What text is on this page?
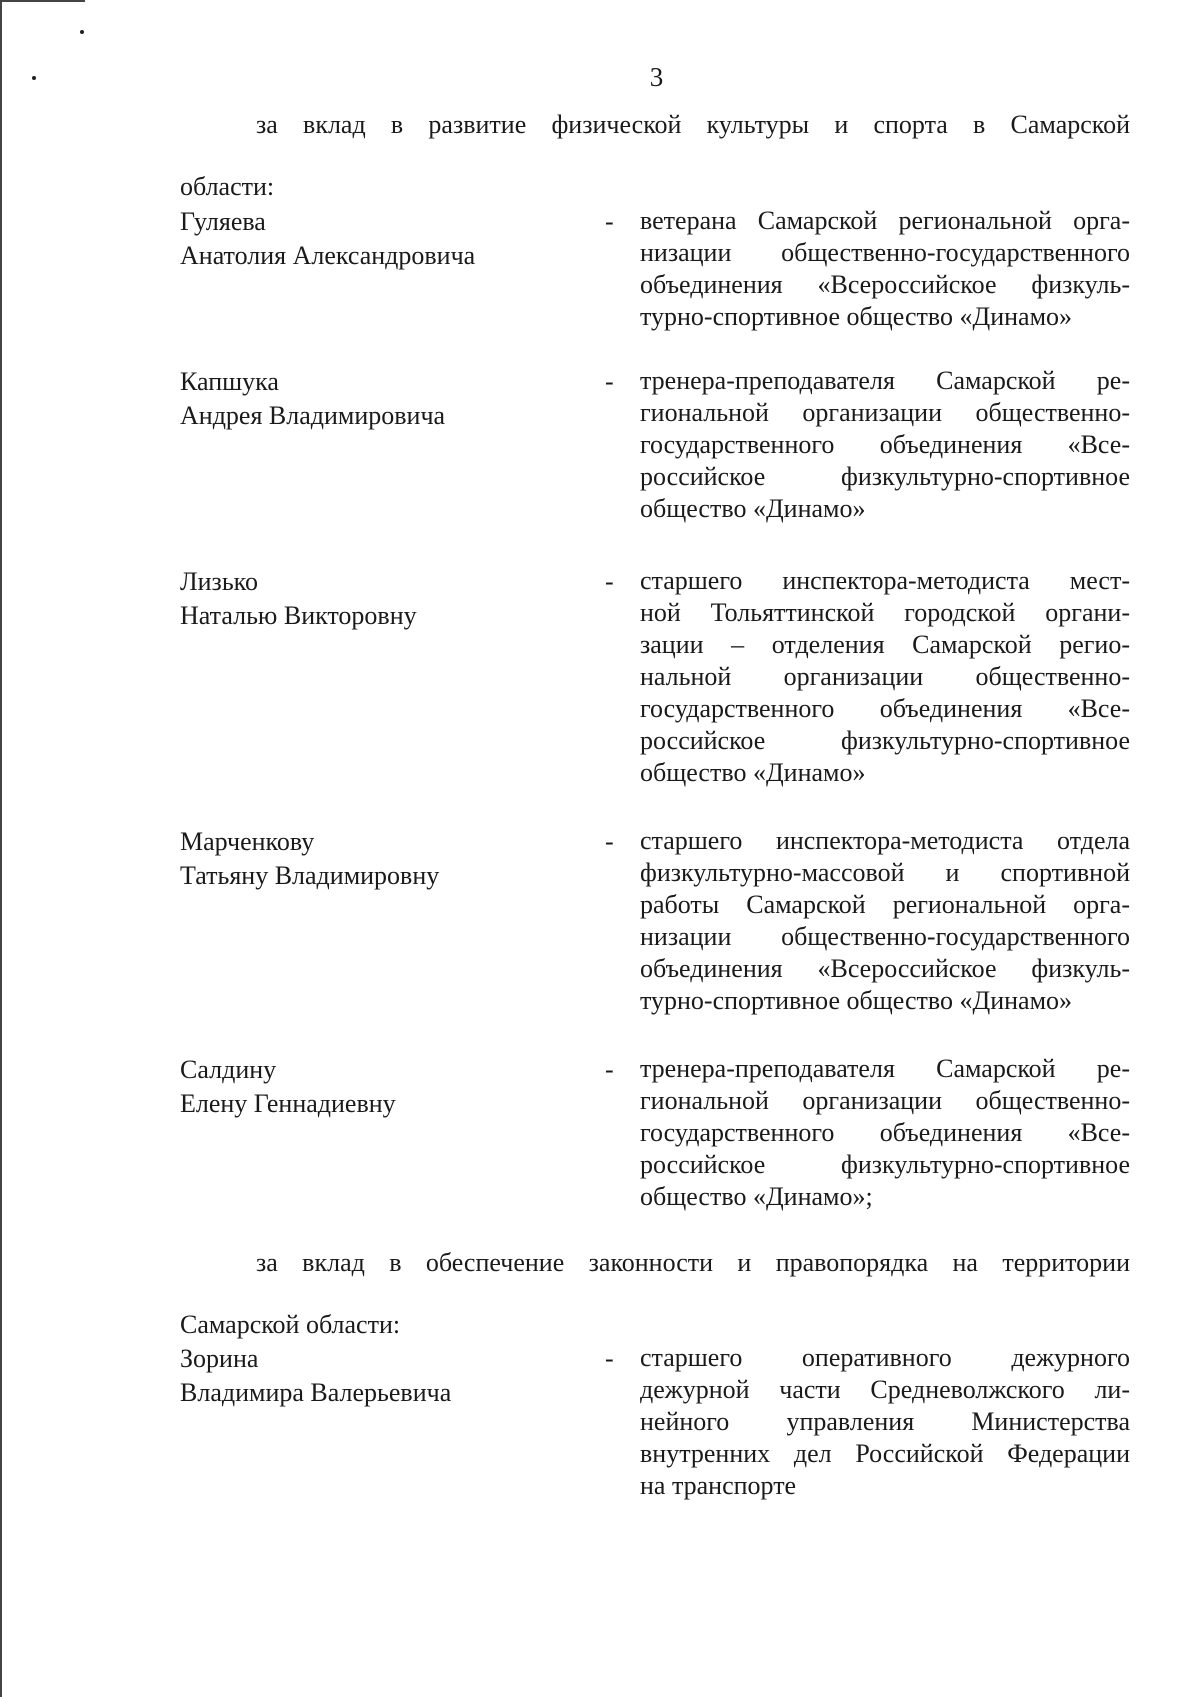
3
за вклад в развитие физической культуры и спорта в Самарской
области:
Гуляева
Анатолия Александровича
- ветерана Самарской региональной орга-
низации общественно-государственного
объединения «Всероссийское физкуль-
турно-спортивное общество «Динамо»
Капшука
Андрея Владимировича
- тренера-преподавателя Самарской ре-
гиональной организации общественно-
государственного объединения «Все-
российское физкультурно-спортивное
общество «Динамо»
Лизько
Наталью Викторовну
- старшего инспектора-методиста мест-
ной Тольяттинской городской органи-
зации – отделения Самарской регио-
нальной организации общественно-
государственного объединения «Все-
российское физкультурно-спортивное
общество «Динамо»
Марченкову
Татьяну Владимировну
- старшего инспектора-методиста отдела
физкультурно-массовой и спортивной
работы Самарской региональной орга-
низации общественно-государственного
объединения «Всероссийское физкуль-
турно-спортивное общество «Динамо»
Салдину
Елену Геннадиевну
- тренера-преподавателя Самарской ре-
гиональной организации общественно-
государственного объединения «Все-
российское физкультурно-спортивное
общество «Динамо»;
за вклад в обеспечение законности и правопорядка на территории
Самарской области:
Зорина
Владимира Валерьевича
- старшего оперативного дежурного
дежурной части Средневолжского ли-
нейного управления Министерства
внутренних дел Российской Федерации
на транспорте
